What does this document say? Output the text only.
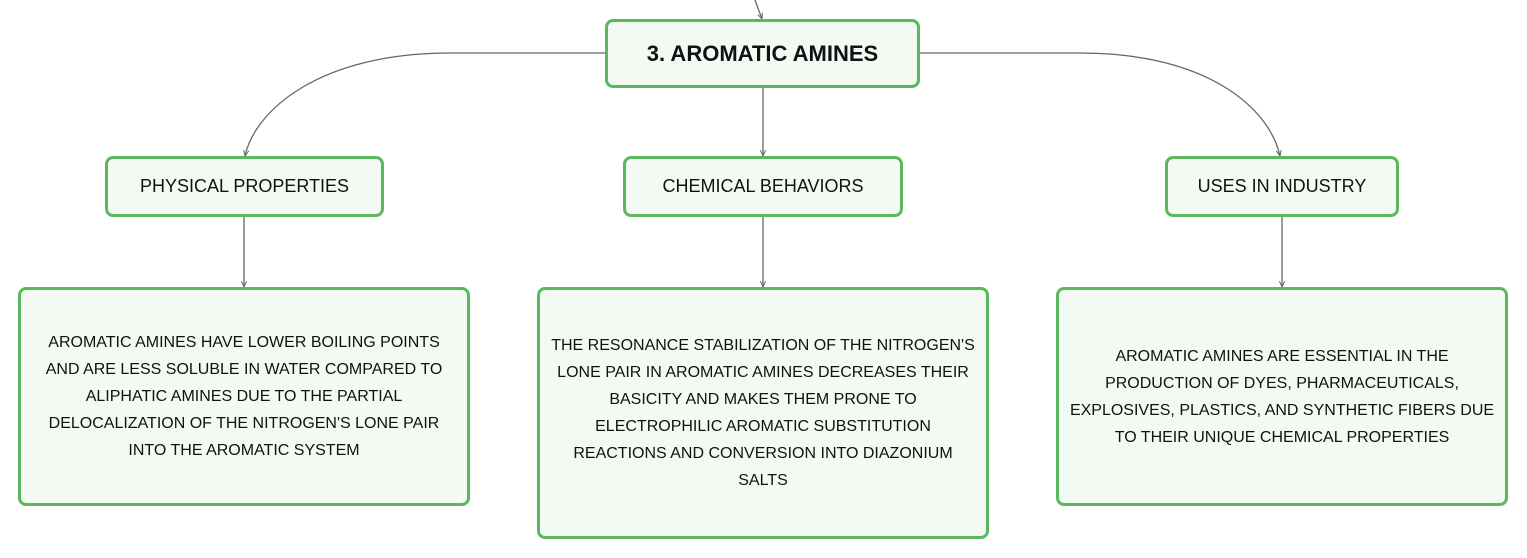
3. AROMATIC AMINES
PHYSICAL PROPERTIES	CHEMICAL BEHAVIORS	USES IN INDUSTRY
AROMATIC AMINES HAVE LOWER BOILING POINTS AND ARE LESS SOLUBLE IN WATER COMPARED TO ALIPHATIC AMINES DUE TO THE PARTIAL DELOCALIZATION OF THE NITROGEN'S LONE PAIR INTO THE AROMATIC SYSTEM
THE RESONANCE STABILIZATION OF THE NITROGEN'S LONE PAIR IN AROMATIC AMINES DECREASES THEIR BASICITY AND MAKES THEM PRONE TO ELECTROPHILIC AROMATIC SUBSTITUTION REACTIONS AND CONVERSION INTO DIAZONIUM SALTS
AROMATIC AMINES ARE ESSENTIAL IN THE PRODUCTION OF DYES, PHARMACEUTICALS, EXPLOSIVES, PLASTICS, AND SYNTHETIC FIBERS DUE TO THEIR UNIQUE CHEMICAL PROPERTIES
